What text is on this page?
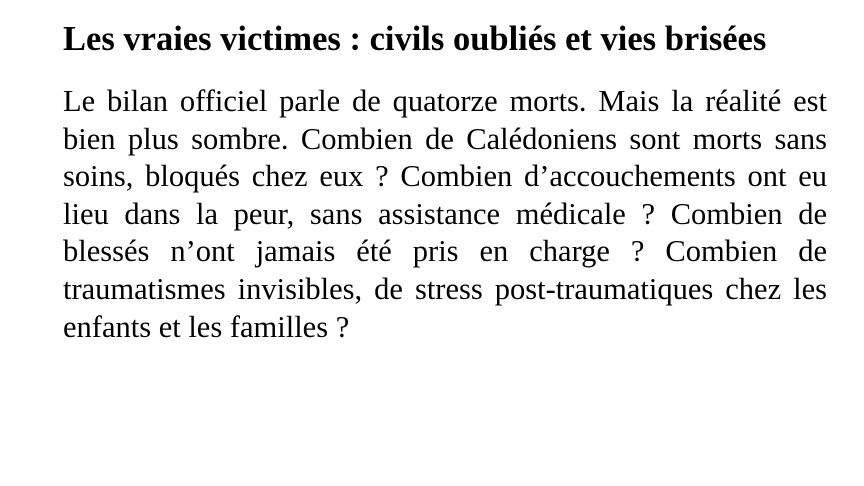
Les vraies victimes : civils oubliés et vies brisées

Le bilan officiel parle de quatorze morts. Mais la réalité est bien plus sombre. Combien de Calédoniens sont morts sans soins, bloqués chez eux ? Combien d’accouchements ont eu lieu dans la peur, sans assistance médicale ? Combien de blessés n’ont jamais été pris en charge ? Combien de traumatismes invisibles, de stress post-traumatiques chez les enfants et les familles ?
